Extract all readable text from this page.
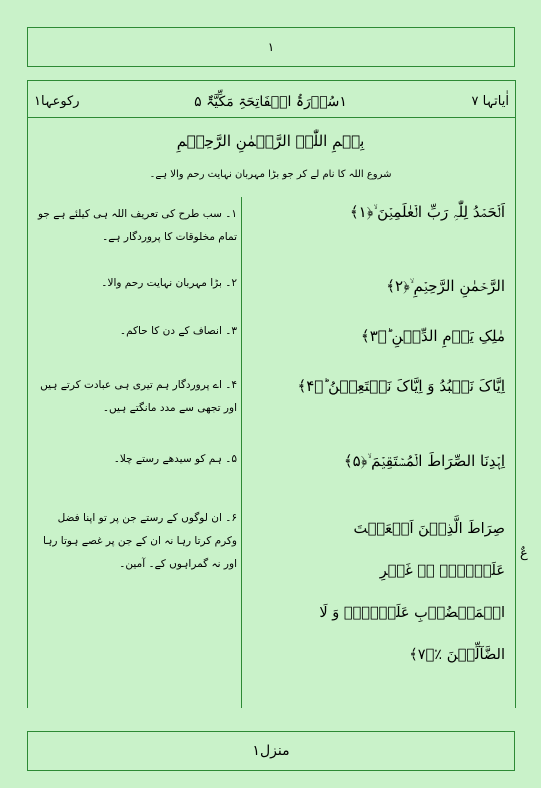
١
اٰیاتہا ۷
۱سُوۡرَۃُ الۡفَاتِحَۃِ مَکِّیَّۃٌ ۵
رکوعہا۱
بِسۡمِ اللّٰہِ الرَّحۡمٰنِ الرَّحِیۡمِ
شروع اللہ کا نام لے کر جو بڑا مہربان نہایت رحم والا ہے۔
اَلۡحَمۡدُ لِلّٰہِ رَبِّ الۡعٰلَمِیۡنَ ۙ﴿۱﴾
الرَّحۡمٰنِ الرَّحِیۡمِ ۙ﴿۲﴾
مٰلِکِ یَوۡمِ الدِّیۡنِ ؕ﴿۳﴾
اِیَّاکَ نَعۡبُدُ وَ اِیَّاکَ نَسۡتَعِیۡنُ ؕ﴿۴﴾
اِہۡدِنَا الصِّرَاطَ الۡمُسۡتَقِیۡمَ ۙ﴿۵﴾
صِرَاطَ الَّذِیۡنَ اَنۡعَمۡتَ عَلَیۡہِمۡ ۙ۬ غَیۡرِ الۡمَغۡضُوۡبِ عَلَیۡہِمۡ وَ لَا الضَّآلِّیۡنَ ٪﴿۷﴾
۱۔ سب طرح کی تعریف اللہ ہی کیلئے ہے جو تمام مخلوقات کا پروردگار ہے۔
۲۔ بڑا مہربان نہایت رحم والا۔
۳۔ انصاف کے دن کا حاکم۔
۴۔ اے پروردگار ہم تیری ہی عبادت کرتے ہیں اور تجھی سے مدد مانگتے ہیں۔
۵۔ ہم کو سیدھے رستے چلا۔
۶۔ ان لوگوں کے رستے جن پر تو اپنا فضل وکرم کرتا رہا نہ ان کے جن پر غصے ہوتا رہا اور نہ گمراہوں کے۔ آمین۔
عٌ
منزل۱
